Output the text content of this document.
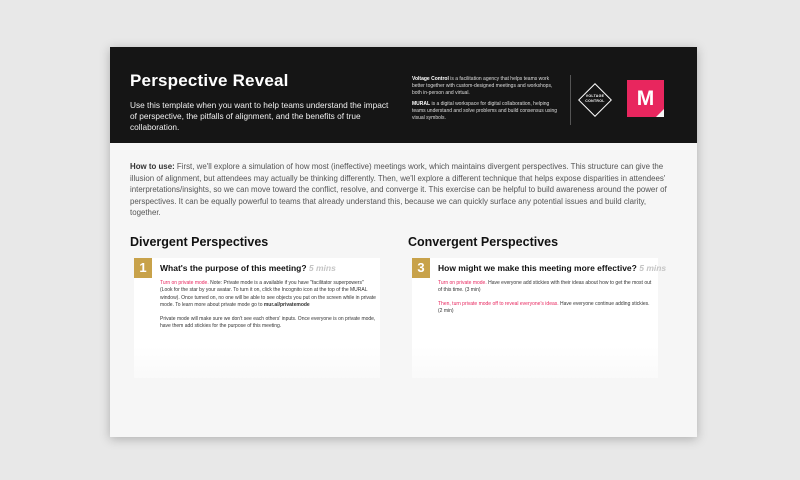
Perspective Reveal
Use this template when you want to help teams understand the impact of perspective, the pitfalls of alignment, and the benefits of true collaboration.
Voltage Control is a facilitation agency that helps teams work better together with custom-designed meetings and workshops, both in-person and virtual.
MURAL is a digital workspace for digital collaboration, helping teams understand and solve problems and build consensus using visual symbols.
VOLTAGE CONTROL	M
How to use: First, we'll explore a simulation of how most (ineffective) meetings work, which maintains divergent perspectives. This structure can give the illusion of alignment, but attendees may actually be thinking differently. Then, we'll explore a different technique that helps expose disparities in attendees' interpretations/insights, so we can move toward the conflict, resolve, and converge it. This exercise can be helpful to build awareness around the power of perspectives. It can be equally powerful to teams that already understand this, because we can quickly surface any potential issues and build clarity, together.
Divergent Perspectives	Convergent Perspectives
1	What's the purpose of this meeting? 5 mins

Turn on private mode. Note: Private mode is a available if you have "facilitator superpowers" (Look for the star by your avatar. To turn it on, click the Incognito icon at the top of the MURAL window). Once turned on, no one will be able to see objects you put on the screen while in private mode. To learn more about private mode go to mur.al/privatemode

Private mode will make sure we don't see each others' inputs. Once everyone is on private mode, have them add stickies for the purpose of this meeting.

3	How might we make this meeting more effective? 5 mins

Turn on private mode. Have everyone add stickies with their ideas about how to get the most out of this time. (3 min)

Then, turn private mode off to reveal everyone's ideas. Have everyone continue adding stickies. (2 min)
